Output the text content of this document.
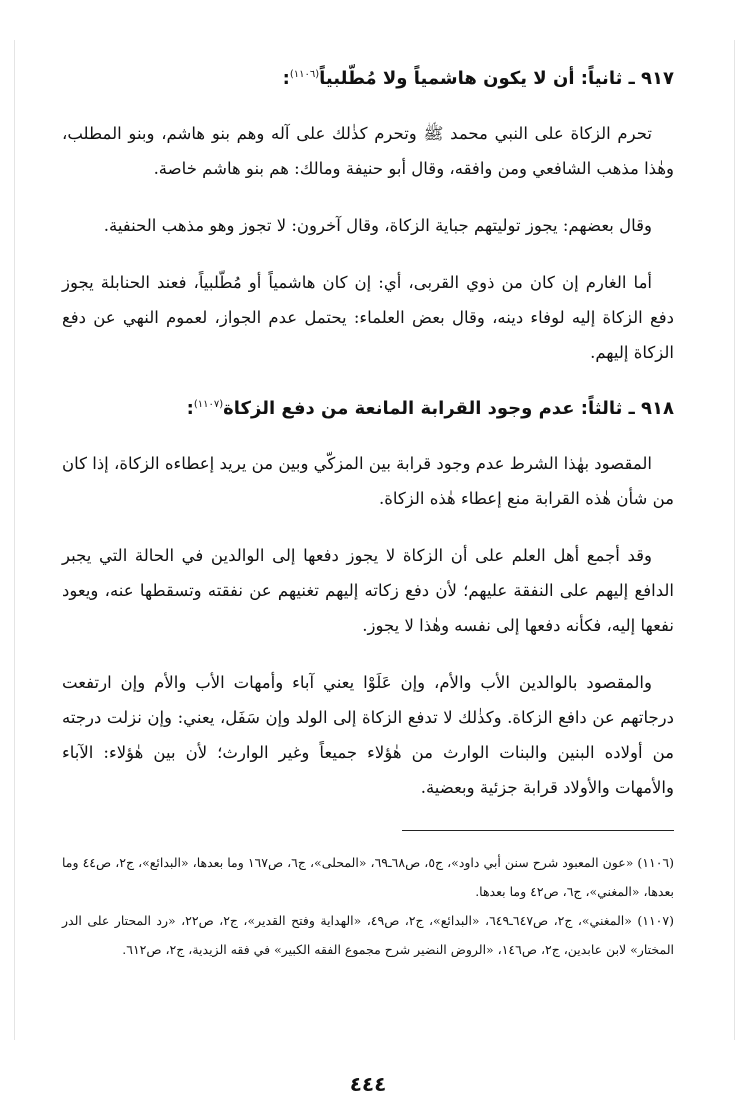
٩١٧ ـ ثانياً: أن لا يكون هاشمياً ولا مُطّلبياً$^{(١١٠٦)}$:

تحرم الزكاة على النبي محمد ﷺ وتحرم كذٰلك على آله وهم بنو هاشم، وبنو المطلب، وهٰذا مذهب الشافعي ومن وافقه، وقال أبو حنيفة ومالك: هم بنو هاشم خاصة.

وقال بعضهم: يجوز توليتهم جباية الزكاة، وقال آخرون: لا تجوز وهو مذهب الحنفية.

أما الغارم إن كان من ذوي القربى، أي: إن كان هاشمياً أو مُطّلبياً، فعند الحنابلة يجوز دفع الزكاة إليه لوفاء دينه، وقال بعض العلماء: يحتمل عدم الجواز، لعموم النهي عن دفع الزكاة إليهم.

٩١٨ ـ ثالثاً: عدم وجود القرابة المانعة من دفع الزكاة$^{(١١٠٧)}$:

المقصود بهٰذا الشرط عدم وجود قرابة بين المزكّي وبين من يريد إعطاءه الزكاة، إذا كان من شأن هٰذه القرابة منع إعطاء هٰذه الزكاة.

وقد أجمع أهل العلم على أن الزكاة لا يجوز دفعها إلى الوالدين في الحالة التي يجبر الدافع إليهم على النفقة عليهم؛ لأن دفع زكاته إليهم تغنيهم عن نفقته وتسقطها عنه، ويعود نفعها إليه، فكأنه دفعها إلى نفسه وهٰذا لا يجوز.

والمقصود بالوالدين الأب والأم، وإن عَلَوْا يعني آباء وأمهات الأب والأم وإن ارتفعت درجاتهم عن دافع الزكاة. وكذٰلك لا تدفع الزكاة إلى الولد وإن سَفَل، يعني: وإن نزلت درجته من أولاده البنين والبنات الوارث من هٰؤلاء جميعاً وغير الوارث؛ لأن بين هٰؤلاء: الآباء والأمهات والأولاد قرابة جزئية وبعضية.

(١١٠٦) «عون المعبود شرح سنن أبي داود»، ج٥، ص٦٨ـ٦٩، «المحلى»، ج٦، ص١٦٧ وما بعدها، «البدائع»، ج٢، ص٤٤ وما بعدها، «المغني»، ج٦، ص٤٢ وما بعدها.

(١١٠٧) «المغني»، ج٢، ص٦٤٧ـ٦٤٩، «البدائع»، ج٢، ص٤٩، «الهداية وفتح القدير»، ج٢، ص٢٢، «رد المحتار على الدر المختار» لابن عابدين، ج٢، ص١٤٦، «الروض النضير شرح مجموع الفقه الكبير» في فقه الزيدية، ج٢، ص٦١٢.

٤٤٤
